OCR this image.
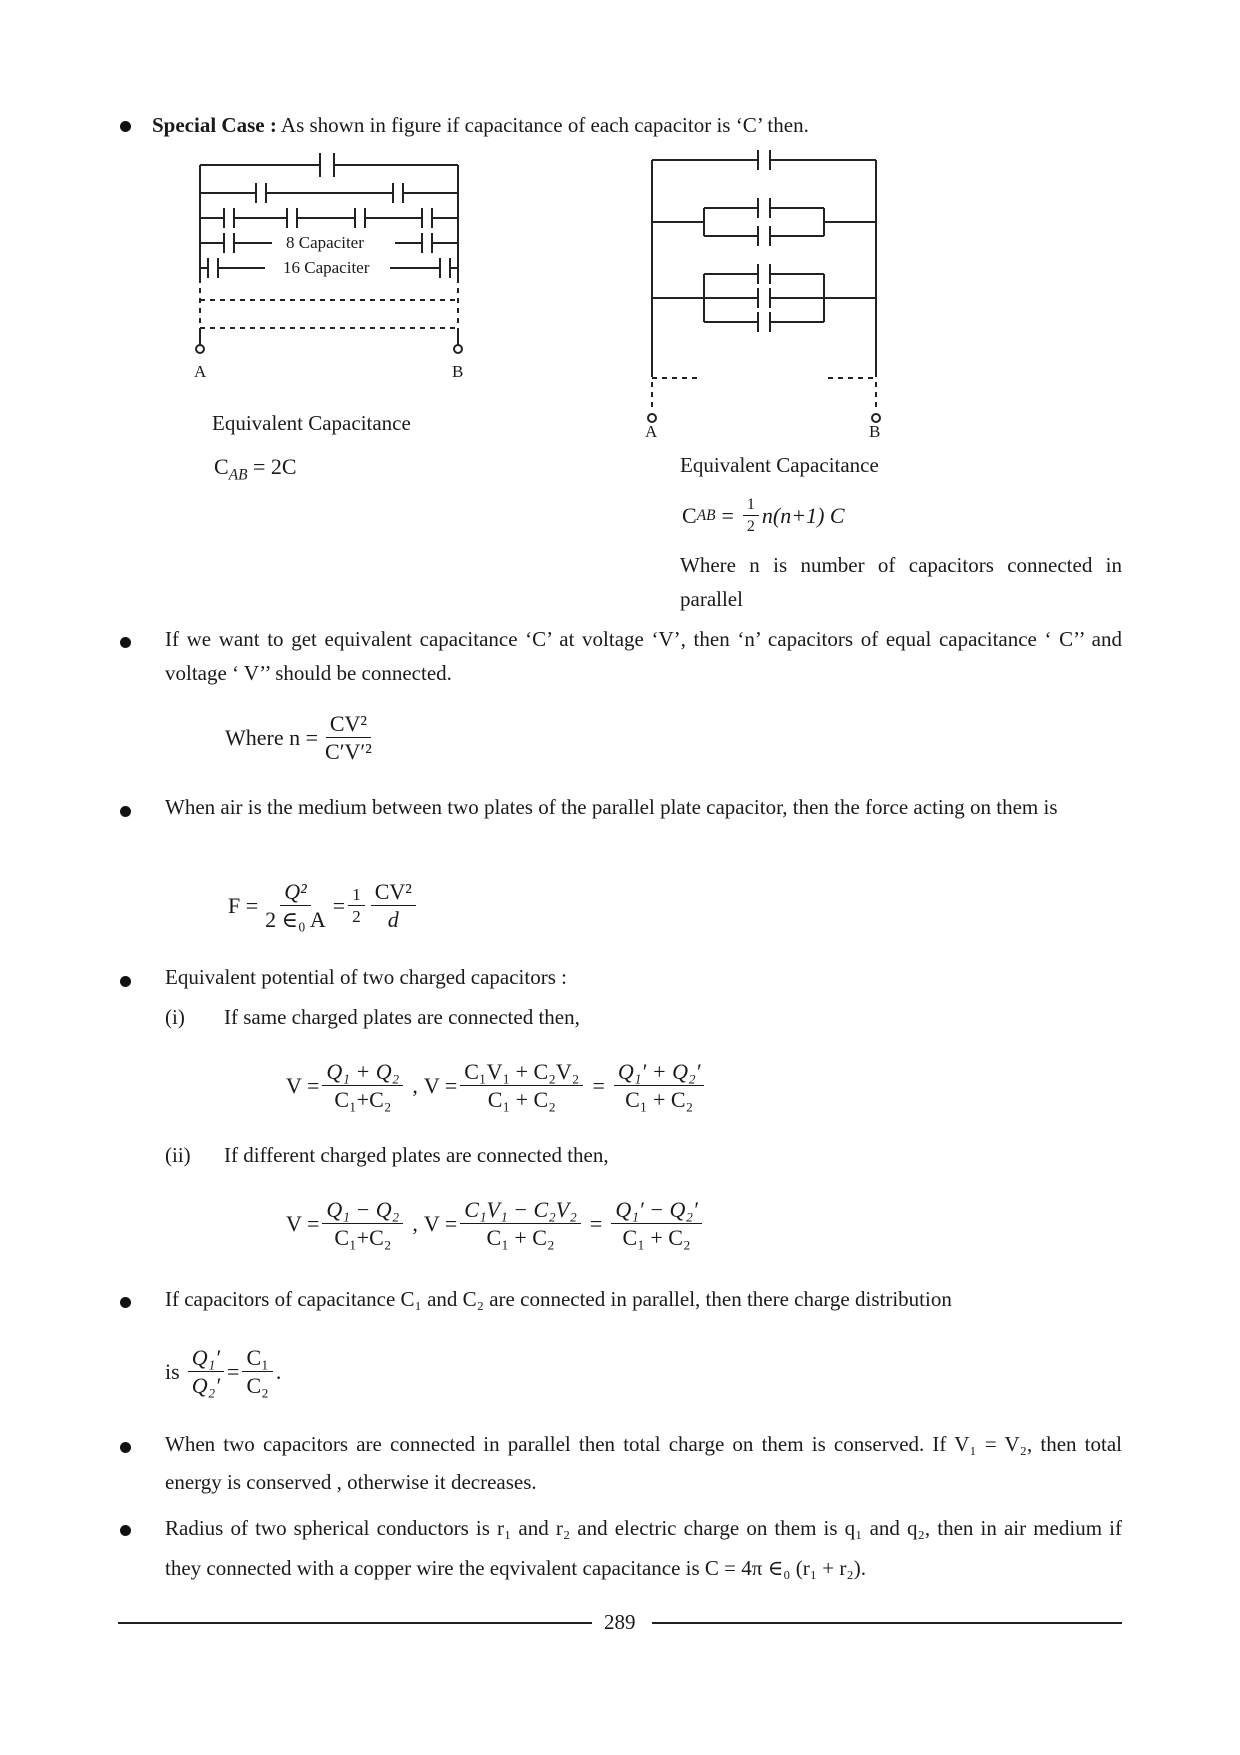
Special Case : As shown in figure if capacitance of each capacitor is ‘C’ then.
8 Capaciter
16 Capaciter
A	B
Equivalent Capacitance
$C_{AB} = 2C$
A	B
Equivalent Capacitance
C AB = $\frac{1}{2} n(n+1)$ C
Where n is number of capacitors connected in parallel
If we want to get equivalent capacitance ‘C’ at voltage ‘V’, then ‘n’ capacitors of equal capacitance ‘ C’’ and voltage ‘ V’’ should be connected.
Where $n = \frac{\text{CV²}}{\text{C′V′²}}$
When air is the medium between two plates of the parallel plate capacitor, then the force acting on them is
$F = \frac{\text{Q²}}{\text{2 ∈₀ A}} = \frac{1}{2} \frac{\text{CV²}}{d}$
Equivalent potential of two charged capacitors :
(i) If same charged plates are connected then,
$V = \frac{\text{Q₁ + Q₂}}{\text{C₁+C₂}}$ , $V = \frac{\text{C₁V₁ + C₂V₂}}{\text{C₁ + C₂}} = \frac{\text{Q₁′ + Q₂′}}{\text{C₁ + C₂}}$
(ii) If different charged plates are connected then,
$V = \frac{\text{Q₁ − Q₂}}{\text{C₁+C₂}}$ , $V = \frac{\text{C₁V₁ − C₂V₂}}{\text{C₁ + C₂}} = \frac{\text{Q₁′ − Q₂′}}{\text{C₁ + C₂}}$
If capacitors of capacitance C₁ and C₂ are connected in parallel, then there charge distribution
is $\frac{\text{Q₁′}}{\text{Q₂′}} = \frac{\text{C₁}}{\text{C₂}}$ .
When two capacitors are connected in parallel then total charge on them is conserved. If V₁ = V₂, then total energy is conserved , otherwise it decreases.
Radius of two spherical conductors is r₁ and r₂ and electric charge on them is q₁ and q₂, then in air medium if they connected with a copper wire the eqvivalent capacitance is C = 4π ∈₀ (r₁ + r₂).
289
